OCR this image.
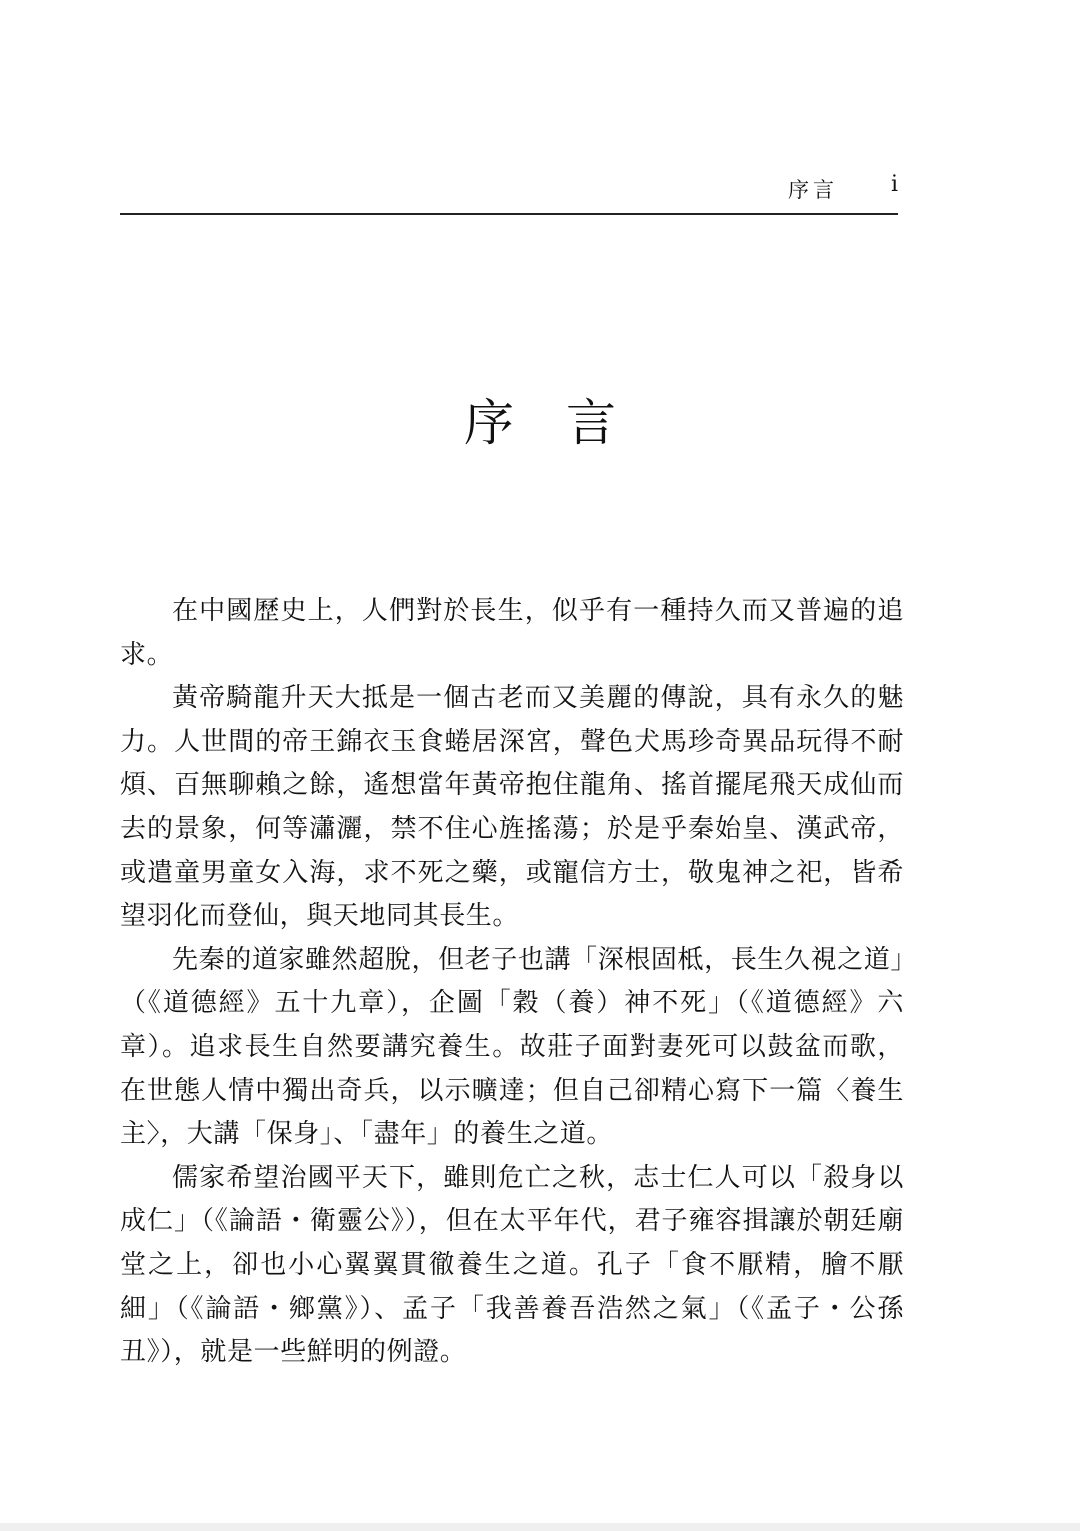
序言 i
序言

在中國歷史上，人們對於長生，似乎有一種持久而又普遍的追求。

黃帝騎龍升天大抵是一個古老而又美麗的傳說，具有永久的魅力。人世間的帝王錦衣玉食蜷居深宮，聲色犬馬珍奇異品玩得不耐煩、百無聊賴之餘，遙想當年黃帝抱住龍角、搖首擺尾飛天成仙而去的景象，何等瀟灑，禁不住心旌搖蕩；於是乎秦始皇、漢武帝，或遣童男童女入海，求不死之藥，或寵信方士，敬鬼神之祀，皆希望羽化而登仙，與天地同其長生。

先秦的道家雖然超脫，但老子也講「深根固柢，長生久視之道」（《道德經》五十九章），企圖「穀（養）神不死」（《道德經》六章）。追求長生自然要講究養生。故莊子面對妻死可以鼓盆而歌，在世態人情中獨出奇兵，以示曠達；但自己卻精心寫下一篇〈養生主〉，大講「保身」、「盡年」的養生之道。

儒家希望治國平天下，雖則危亡之秋，志士仁人可以「殺身以成仁」（《論語・衛靈公》），但在太平年代，君子雍容揖讓於朝廷廟堂之上，卻也小心翼翼貫徹養生之道。孔子「食不厭精，膾不厭細」（《論語・鄉黨》）、孟子「我善養吾浩然之氣」（《孟子・公孫丑》），就是一些鮮明的例證。
